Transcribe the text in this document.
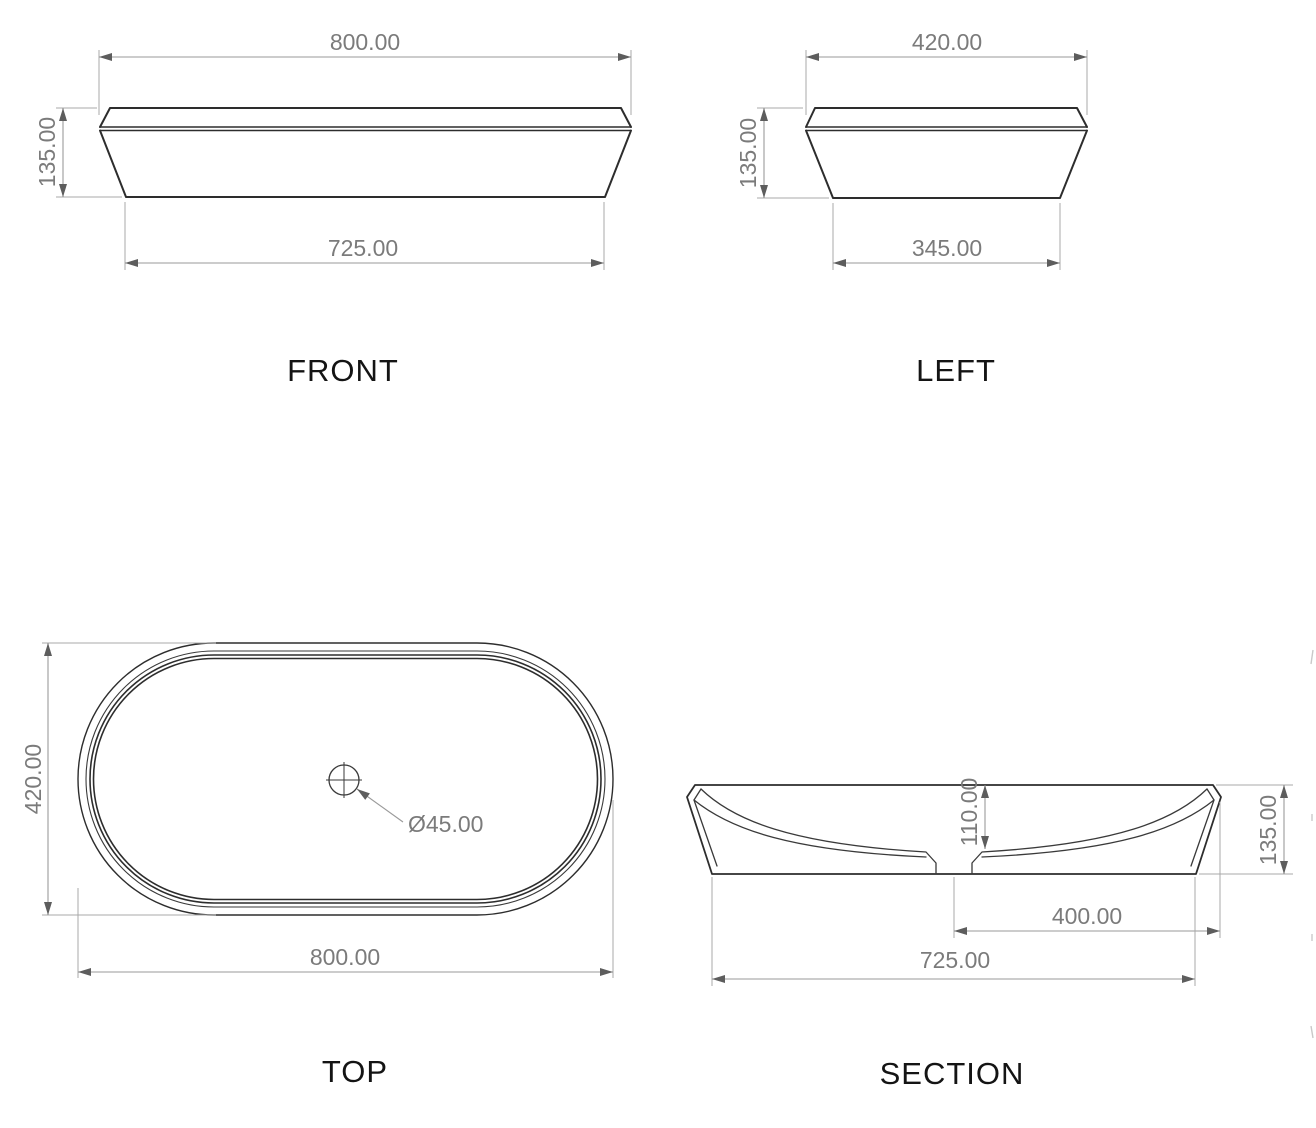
800.00
135.00
725.00
FRONT
420.00
135.00
345.00
LEFT
Ø45.00
420.00
800.00
TOP
110.00	135.00
400.00
725.00
SECTION
